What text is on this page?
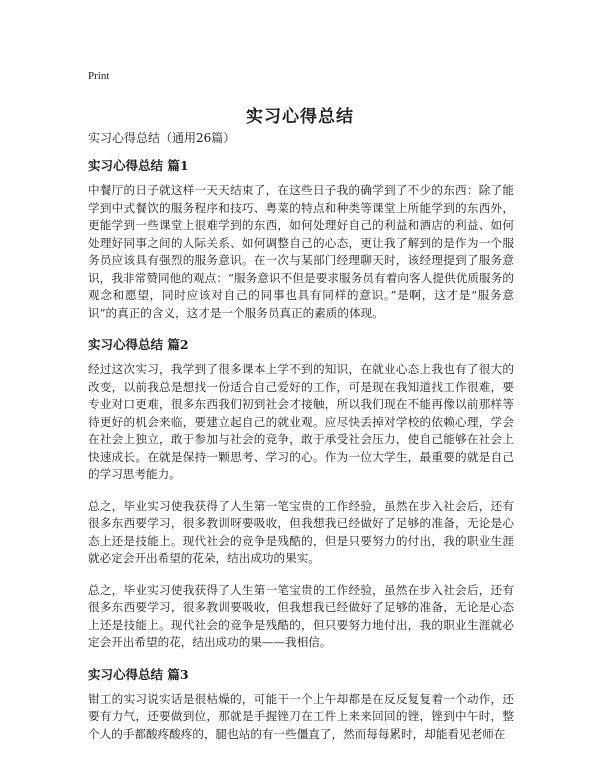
Print
实习心得总结

实习心得总结（通用26篇）

实习心得总结 篇1

中餐厅的日子就这样一天天结束了，在这些日子我的确学到了不少的东西：除了能学到中式餐饮的服务程序和技巧、粤菜的特点和种类等课堂上所能学到的东西外，更能学到一些课堂上很难学到的东西，如何处理好自己的利益和酒店的利益、如何处理好同事之间的人际关系、如何调整自己的心态，更让我了解到的是作为一个服务员应该具有强烈的服务意识。在一次与某部门经理聊天时，该经理提到了服务意识，我非常赞同他的观点：“服务意识不但是要求服务员有着向客人提供优质服务的观念和愿望，同时应该对自己的同事也具有同样的意识。”是啊，这才是“服务意识”的真正的含义，这才是一个服务员真正的素质的体现。

实习心得总结 篇2

经过这次实习，我学到了很多课本上学不到的知识，在就业心态上我也有了很大的改变，以前我总是想找一份适合自己爱好的工作，可是现在我知道找工作很难，要专业对口更难，很多东西我们初到社会才接触，所以我们现在不能再像以前那样等待更好的机会来临，要建立起自己的就业观。应尽快丢掉对学校的依赖心理，学会在社会上独立，敢于参加与社会的竞争，敢于承受社会压力，使自己能够在社会上快速成长。在就是保持一颗思考、学习的心。作为一位大学生，最重要的就是自己的学习思考能力。

总之，毕业实习使我获得了人生第一笔宝贵的工作经验，虽然在步入社会后，还有很多东西要学习，很多教训呀要吸收，但我想我已经做好了足够的准备，无论是心态上还是技能上。现代社会的竞争是残酷的，但是只要努力的付出，我的职业生涯就必定会开出希望的花朵，结出成功的果实。

总之，毕业实习使我获得了人生第一笔宝贵的工作经验，虽然在步入社会后，还有很多东西要学习，很多教训要吸收，但我想我已经做好了足够的准备，无论是心态上还是技能上。现代社会的竞争是残酷的，但只要努力地付出，我的职业生涯就必定会开出希望的花，结出成功的果——我相信。

实习心得总结 篇3

钳工的实习说实话是很枯燥的，可能干一个上午却都是在反反复复着一个动作，还要有力气，还要做到位，那就是手握锉刀在工件上来来回回的锉，锉到中午时，整个人的手都酸疼酸疼的，腿也站的有一些僵直了，然而每每累时，却能看见老师在
